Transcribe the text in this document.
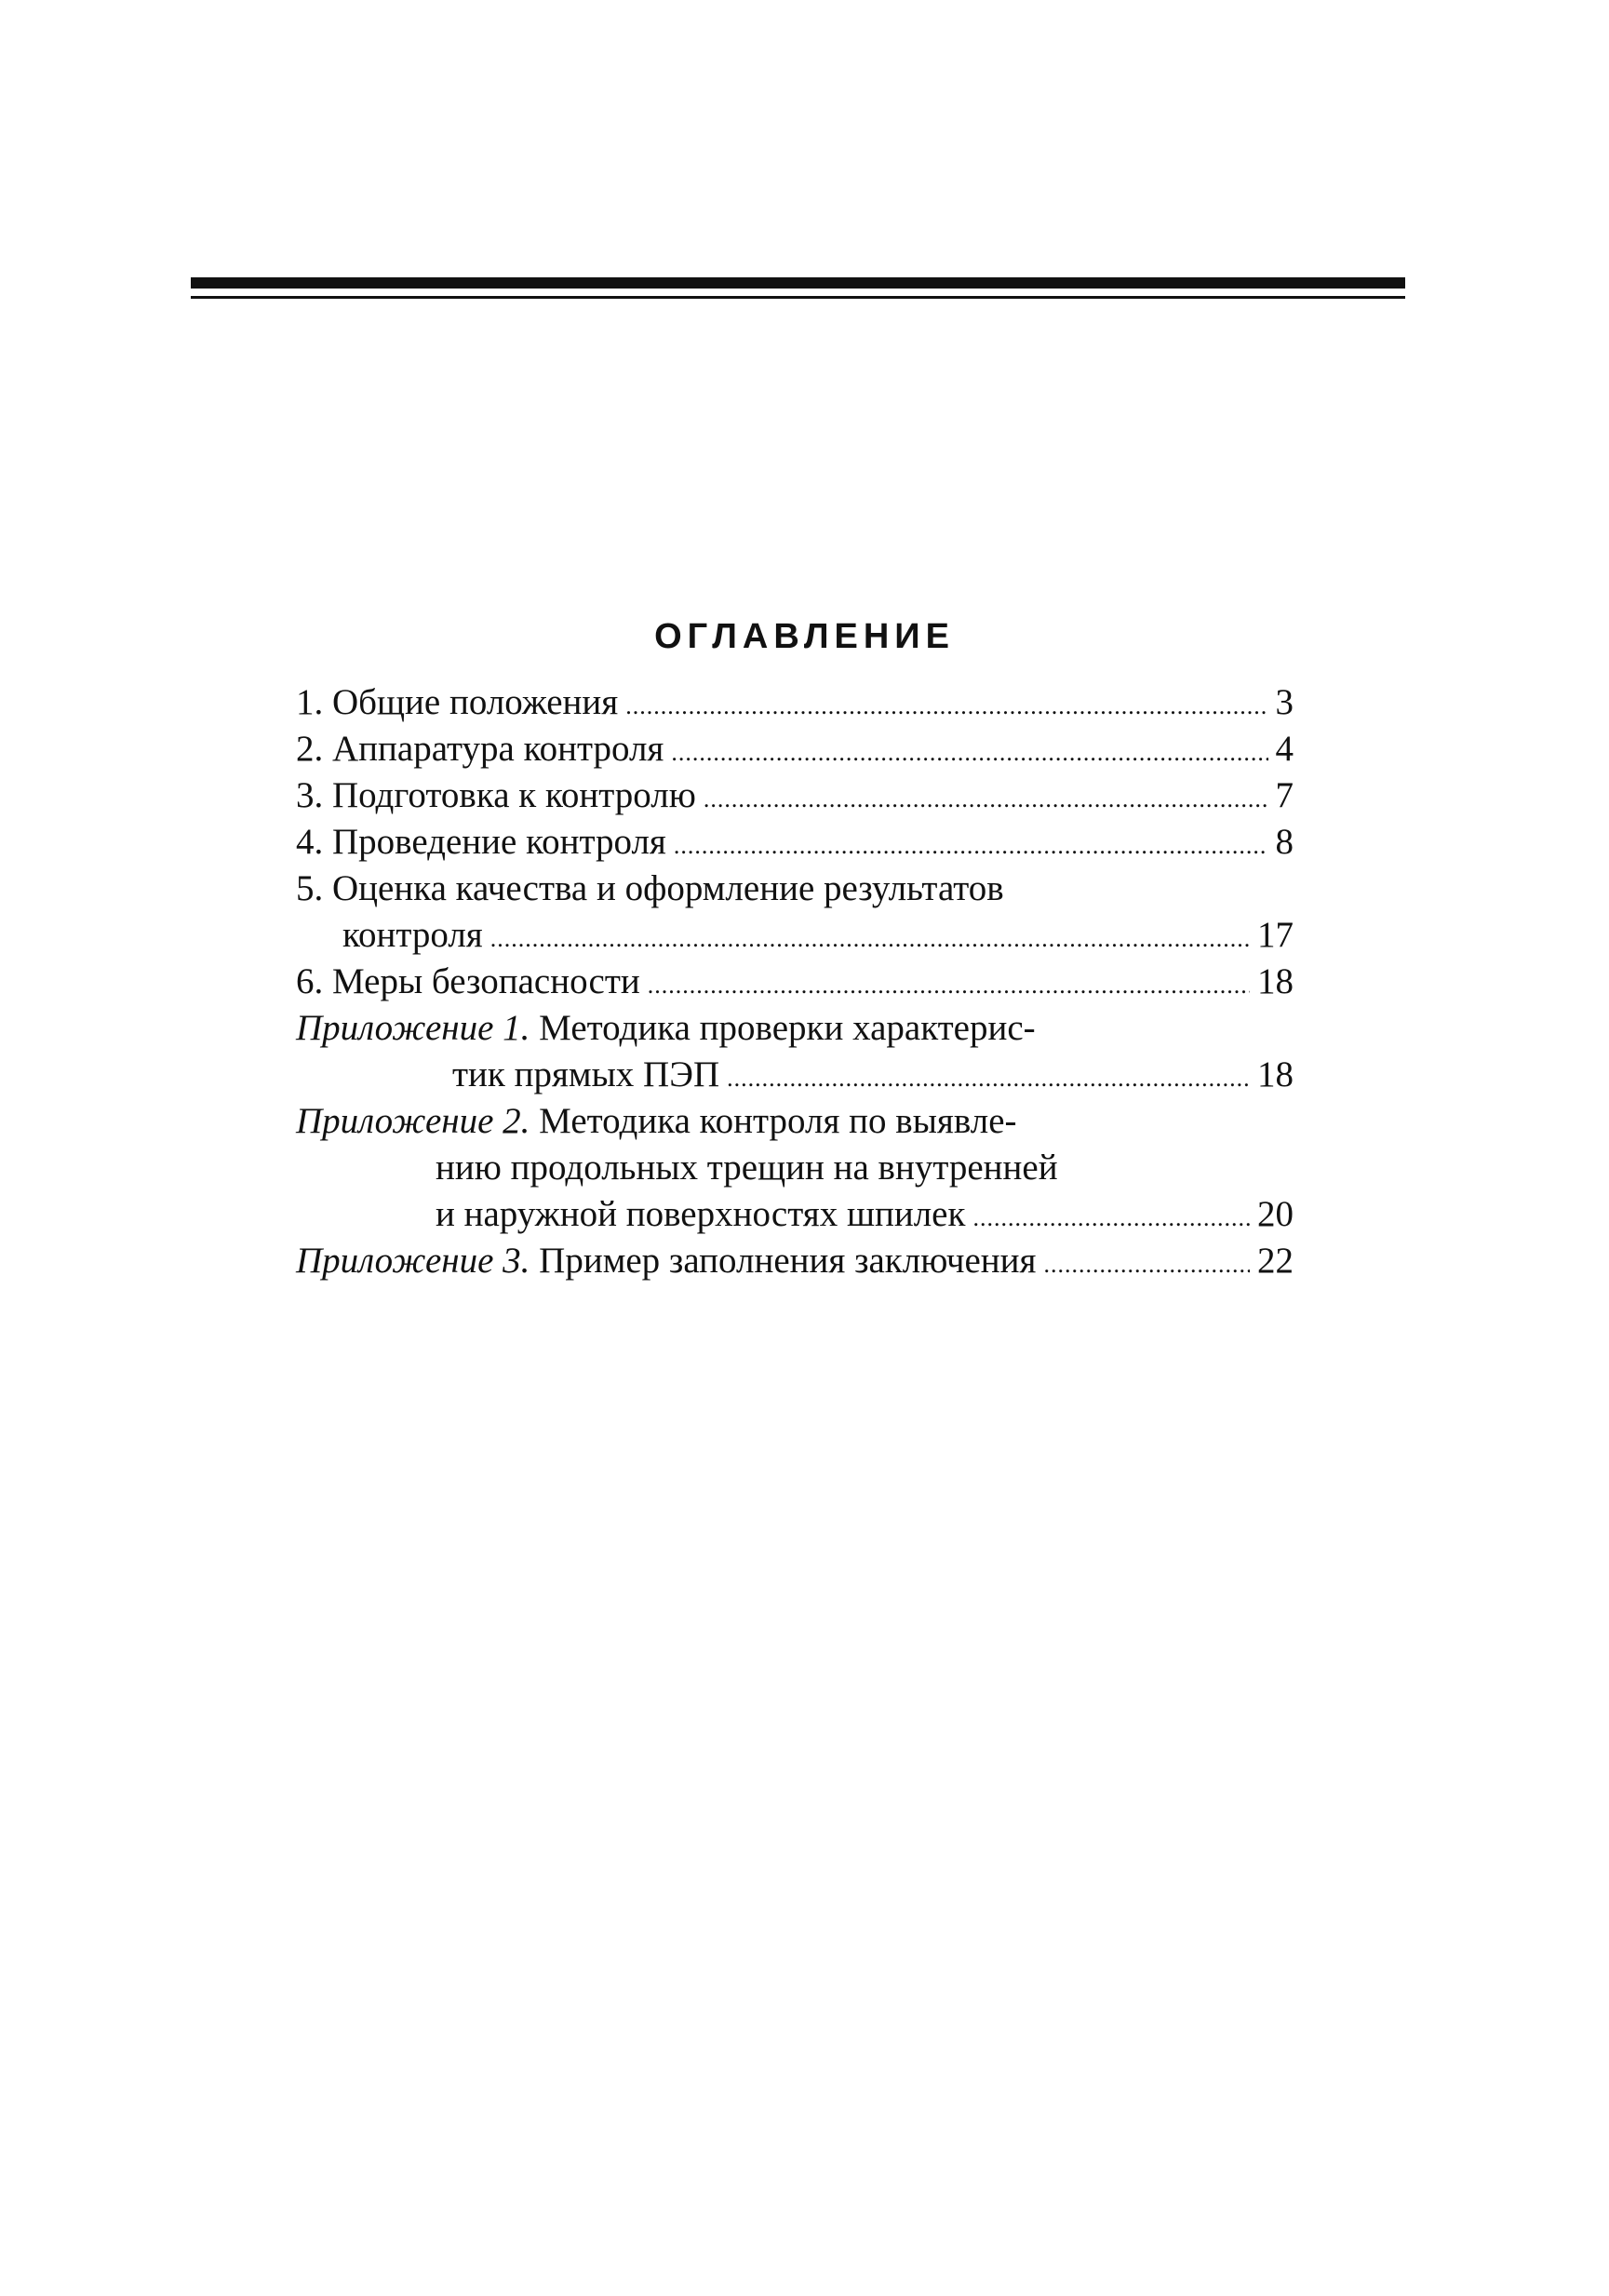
ОГЛАВЛЕНИЕ
1. Общие положения .....	3
2. Аппаратура контроля .....	4
3. Подготовка к контролю .....	7
4. Проведение контроля .....	8
5. Оценка качества и оформление результатов
контроля .....	17
6. Меры безопасности .....	18
Приложение 1. Методика проверки характерис-
тик прямых ПЭП .....	18
Приложение 2. Методика контроля по выявле-
нию продольных трещин на внутренней
и наружной поверхностях шпилек .....	20
Приложение 3. Пример заполнения заключения .....	22
